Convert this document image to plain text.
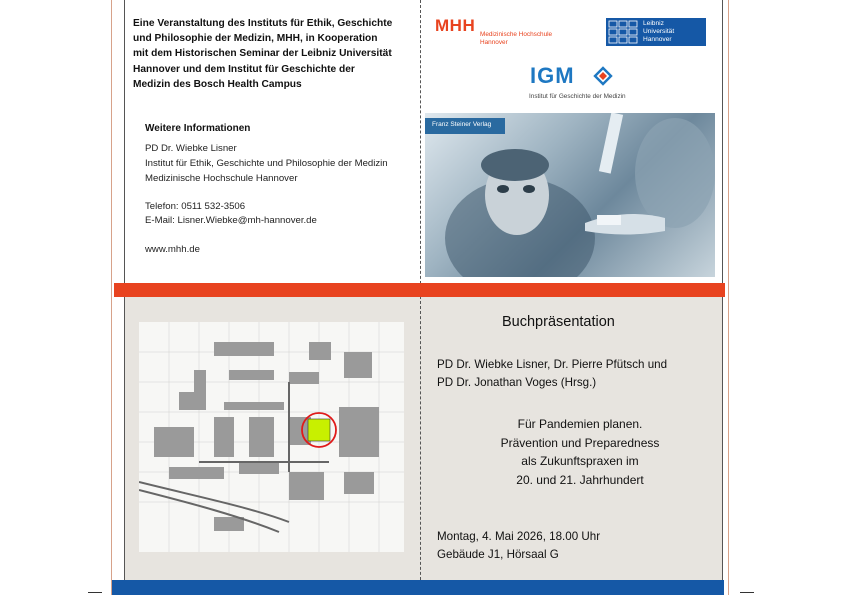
Eine Veranstaltung des Instituts für Ethik, Geschichte
und Philosophie der Medizin, MHH, in Kooperation
mit dem Historischen Seminar der Leibniz Universität
Hannover und dem Institut für Geschichte der
Medizin des Bosch Health Campus
Weitere Informationen
PD Dr. Wiebke Lisner
Institut für Ethik, Geschichte und Philosophie der Medizin
Medizinische Hochschule Hannover
Telefon: 0511 532-3506
E-Mail: Lisner.Wiebke@mh-hannover.de
www.mhh.de
MHH Medizinische Hochschule
Hannover
Leibniz
Universität
Hannover
IGM
Institut für Geschichte der Medizin
Franz Steiner Verlag
Buchpräsentation
PD Dr. Wiebke Lisner, Dr. Pierre Pfütsch und
PD Dr. Jonathan Voges (Hrsg.)
Für Pandemien planen.
Prävention und Preparedness
als Zukunftspraxen im
20. und 21. Jahrhundert
Montag, 4. Mai 2026, 18.00 Uhr
Gebäude J1, Hörsaal G
